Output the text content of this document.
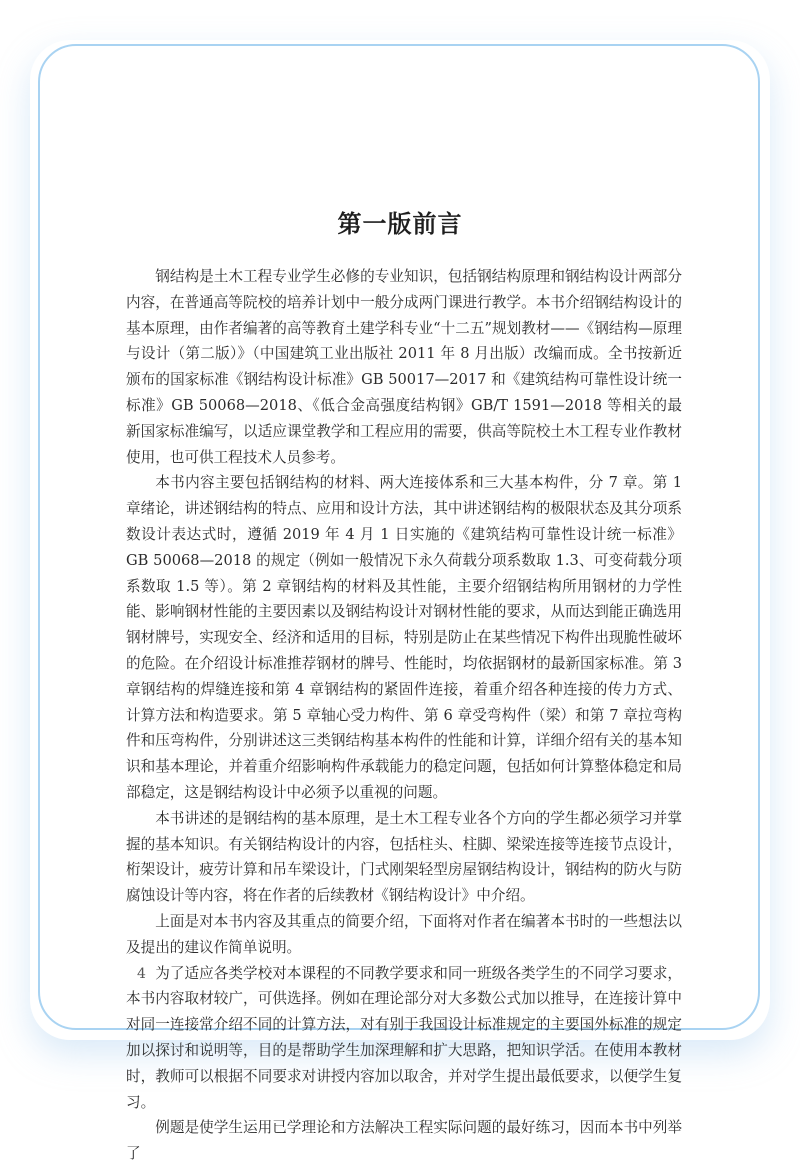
第一版前言

钢结构是土木工程专业学生必修的专业知识，包括钢结构原理和钢结构设计两部分内容，在普通高等院校的培养计划中一般分成两门课进行教学。本书介绍钢结构设计的基本原理，由作者编著的高等教育土建学科专业“十二五”规划教材——《钢结构—原理与设计（第二版）》（中国建筑工业出版社 2011 年 8 月出版）改编而成。全书按新近颁布的国家标准《钢结构设计标准》GB 50017—2017 和《建筑结构可靠性设计统一标准》GB 50068—2018、《低合金高强度结构钢》GB/T 1591—2018 等相关的最新国家标准编写，以适应课堂教学和工程应用的需要，供高等院校土木工程专业作教材使用，也可供工程技术人员参考。

本书内容主要包括钢结构的材料、两大连接体系和三大基本构件，分 7 章。第 1 章绪论，讲述钢结构的特点、应用和设计方法，其中讲述钢结构的极限状态及其分项系数设计表达式时，遵循 2019 年 4 月 1 日实施的《建筑结构可靠性设计统一标准》GB 50068—2018 的规定（例如一般情况下永久荷载分项系数取 1.3、可变荷载分项系数取 1.5 等）。第 2 章钢结构的材料及其性能，主要介绍钢结构所用钢材的力学性能、影响钢材性能的主要因素以及钢结构设计对钢材性能的要求，从而达到能正确选用钢材牌号，实现安全、经济和适用的目标，特别是防止在某些情况下构件出现脆性破坏的危险。在介绍设计标准推荐钢材的牌号、性能时，均依据钢材的最新国家标准。第 3 章钢结构的焊缝连接和第 4 章钢结构的紧固件连接，着重介绍各种连接的传力方式、计算方法和构造要求。第 5 章轴心受力构件、第 6 章受弯构件（梁）和第 7 章拉弯构件和压弯构件，分别讲述这三类钢结构基本构件的性能和计算，详细介绍有关的基本知识和基本理论，并着重介绍影响构件承载能力的稳定问题，包括如何计算整体稳定和局部稳定，这是钢结构设计中必须予以重视的问题。

本书讲述的是钢结构的基本原理，是土木工程专业各个方向的学生都必须学习并掌握的基本知识。有关钢结构设计的内容，包括柱头、柱脚、梁梁连接等连接节点设计，桁架设计，疲劳计算和吊车梁设计，门式刚架轻型房屋钢结构设计，钢结构的防火与防腐蚀设计等内容，将在作者的后续教材《钢结构设计》中介绍。

上面是对本书内容及其重点的简要介绍，下面将对作者在编著本书时的一些想法以及提出的建议作简单说明。

为了适应各类学校对本课程的不同教学要求和同一班级各类学生的不同学习要求，本书内容取材较广，可供选择。例如在理论部分对大多数公式加以推导，在连接计算中对同一连接常介绍不同的计算方法，对有别于我国设计标准规定的主要国外标准的规定加以探讨和说明等，目的是帮助学生加深理解和扩大思路，把知识学活。在使用本教材时，教师可以根据不同要求对讲授内容加以取舍，并对学生提出最低要求，以便学生复习。

例题是使学生运用已学理论和方法解决工程实际问题的最好练习，因而本书中列举了

4
